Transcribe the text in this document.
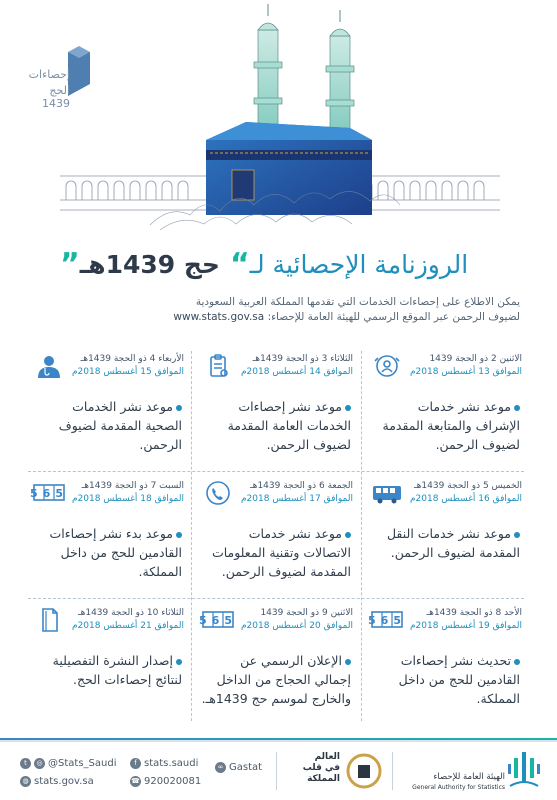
إحصاءات
الحج 1439
الروزنامة الإحصائية لـ
“
حج 1439هـ
”
يمكن الاطلاع على إحصاءات الخدمات التي تقدمها المملكة العربية السعودية
لضيوف الرحمن عبر الموقع الرسمي للهيئة العامة للإحصاء: www.stats.gov.sa
الاثنين 2 ذو الحجة 1439
الموافق 13 أغسطس 2018م
موعد نشر خدمات الإشراف والمتابعة المقدمة لضيوف الرحمن.
الثلاثاء 3 ذو الحجة 1439هـ
الموافق 14 أغسطس 2018م
موعد نشر إحصاءات الخدمات العامة المقدمة لضيوف الرحمن.
الأربعاء 4 ذو الحجة 1439هـ
الموافق 15 أغسطس 2018م
موعد نشر الخدمات الصحية المقدمة لضيوف الرحمن.
الخميس 5 ذو الحجة 1439هـ
الموافق 16 أغسطس 2018م
موعد نشر خدمات النقل المقدمة لضيوف الرحمن.
الجمعة 6 ذو الحجة 1439هـ
الموافق 17 أغسطس 2018م
موعد نشر خدمات الاتصالات وتقنية المعلومات المقدمة لضيوف الرحمن.
السبت 7 ذو الحجة 1439هـ
الموافق 18 أغسطس 2018م
565
موعد بدء نشر إحصاءات القادمين للحج من داخل المملكة.
الأحد 8 ذو الحجة 1439هـ
الموافق 19 أغسطس 2018م
565
تحديث نشر إحصاءات القادمين للحج من داخل المملكة.
الاثنين 9 ذو الحجة 1439
الموافق 20 أغسطس 2018م
565
الإعلان الرسمي عن إجمالي الحجاج من الداخل والخارج لموسم حج 1439هـ.
الثلاثاء 10 ذو الحجة 1439هـ
الموافق 21 أغسطس 2018م
إصدار النشرة التفصيلية لنتائج إحصاءات الحج.
t	◎ @Stats_Saudi
◍ stats.gov.sa
f stats.saudi
☎ 920020081
∞ Gastat
العالم
في قلب
المملكة	الهيئة العامة للإحصاء
General Authority for Statistics
